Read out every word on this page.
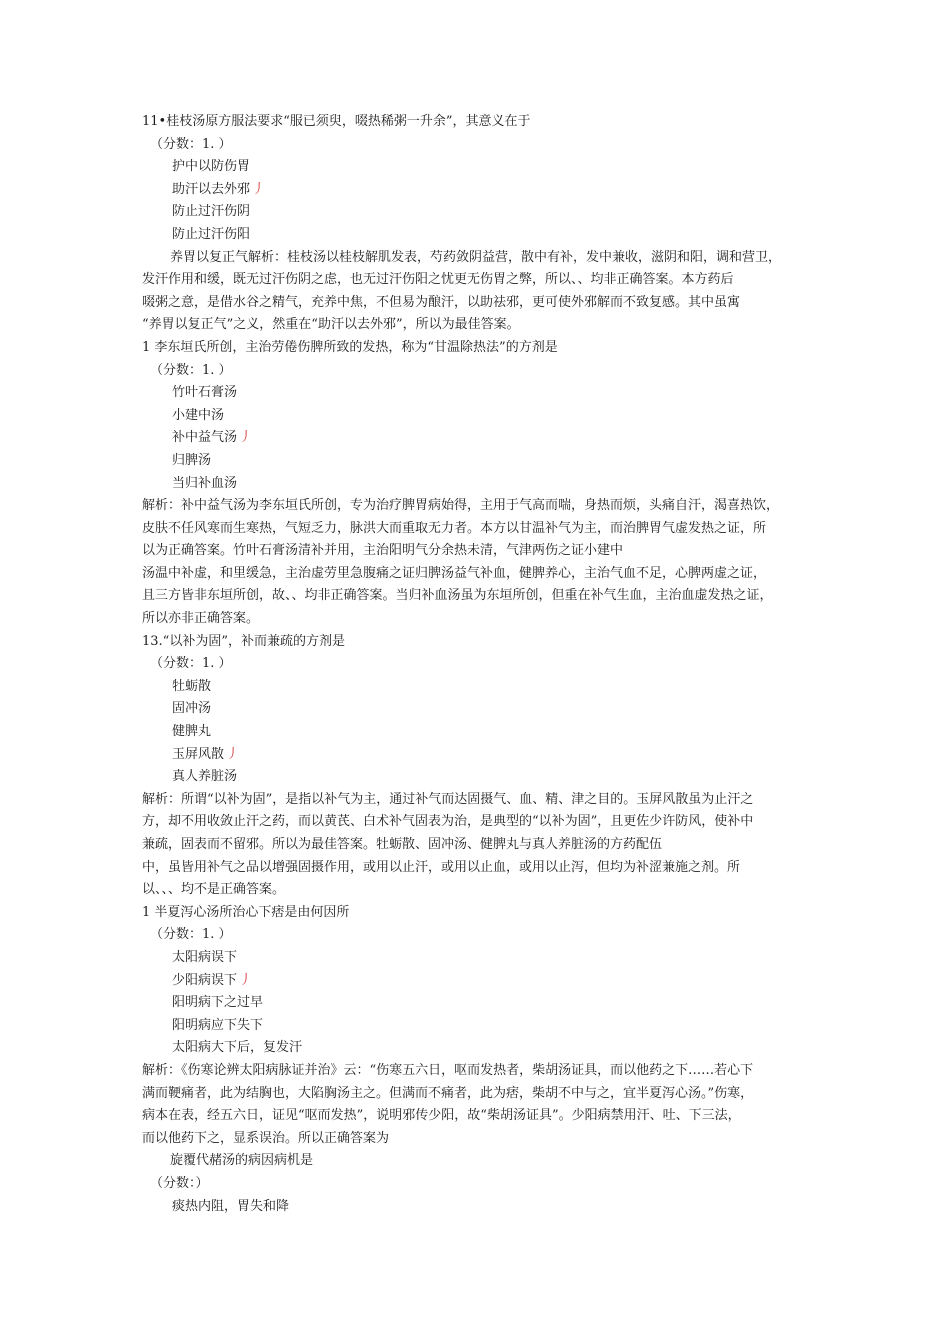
11•桂枝汤原方服法要求“服已须臾，啜热稀粥一升余”，其意义在于
（分数：1. ）
护中以防伤胃
助汗以去外邪 丿
防止过汗伤阴
防止过汗伤阳
养胃以复正气解析：桂枝汤以桂枝解肌发表，芍药敛阴益营，散中有补，发中兼收，滋阴和阳，调和营卫，
发汗作用和缓，既无过汗伤阴之虑，也无过汗伤阳之忧更无伤胃之弊，所以、、均非正确答案。本方药后
啜粥之意，是借水谷之精气，充养中焦，不但易为酿汗，以助祛邪，更可使外邪解而不致复感。其中虽寓
“养胃以复正气”之义，然重在“助汗以去外邪”，所以为最佳答案。
1 李东垣氏所创，主治劳倦伤脾所致的发热，称为“甘温除热法”的方剂是
（分数：1. ）
竹叶石膏汤
小建中汤
补中益气汤 丿
归脾汤
当归补血汤
解析：补中益气汤为李东垣氏所创，专为治疗脾胃病始得，主用于气高而喘，身热而烦，头痛自汗，渴喜热饮，
皮肤不任风寒而生寒热，气短乏力，脉洪大而重取无力者。本方以甘温补气为主，而治脾胃气虚发热之证，所
以为正确答案。竹叶石膏汤清补并用，主治阳明气分余热未清，气津两伤之证小建中
汤温中补虚，和里缓急，主治虚劳里急腹痛之证归脾汤益气补血，健脾养心，主治气血不足，心脾两虚之证，
且三方皆非东垣所创，故、、均非正确答案。当归补血汤虽为东垣所创，但重在补气生血，主治血虚发热之证，
所以亦非正确答案。
13.“以补为固”，补而兼疏的方剂是
（分数：1. ）
牡蛎散
固冲汤
健脾丸
玉屏风散 丿
真人养脏汤
解析：所谓“以补为固”，是指以补气为主，通过补气而达固摄气、血、精、津之目的。玉屏风散虽为止汗之
方，却不用收敛止汗之药，而以黄芪、白术补气固表为治，是典型的“以补为固”，且更佐少许防风，使补中
兼疏，固表而不留邪。所以为最佳答案。牡蛎散、固冲汤、健脾丸与真人养脏汤的方药配伍
中，虽皆用补气之品以增强固摄作用，或用以止汗，或用以止血，或用以止泻，但均为补涩兼施之剂。所
以、、、均不是正确答案。
1 半夏泻心汤所治心下痞是由何因所
（分数：1. ）
太阳病误下
少阳病误下 丿
阳明病下之过早
阳明病应下失下
太阳病大下后，复发汗
解析：《伤寒论辨太阳病脉证并治》云：“伤寒五六日，呕而发热者，柴胡汤证具，而以他药之下……若心下
满而鞕痛者，此为结胸也，大陷胸汤主之。但满而不痛者，此为痞，柴胡不中与之，宜半夏泻心汤。”伤寒，
病本在表，经五六日，证见“呕而发热”，说明邪传少阳，故“柴胡汤证具”。少阳病禁用汗、吐、下三法，
而以他药下之，显系误治。所以正确答案为
旋覆代赭汤的病因病机是
（分数：）
痰热内阻，胃失和降
